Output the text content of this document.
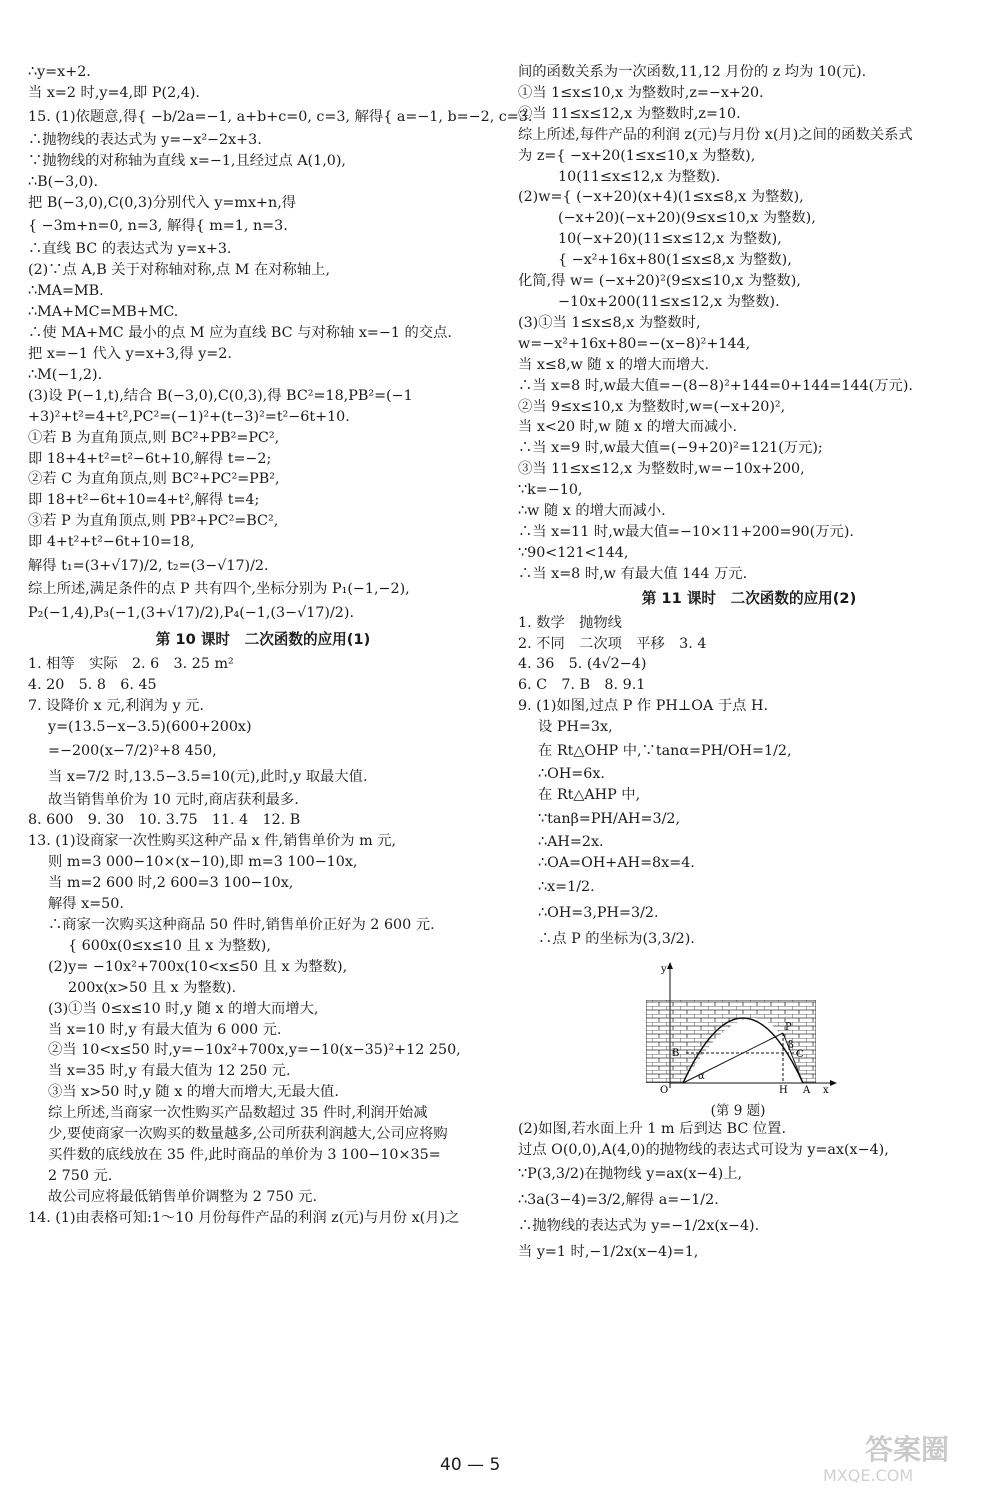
∴y=x+2.
当 x=2 时,y=4,即 P(2,4).
15. (1)依题意,得{ −b/2a=−1, a+b+c=0, c=3, 解得{ a=−1, b=−2, c=3.
∴抛物线的表达式为 y=−x²−2x+3.
∵抛物线的对称轴为直线 x=−1,且经过点 A(1,0),
∴B(−3,0).
把 B(−3,0),C(0,3)分别代入 y=mx+n,得
{ −3m+n=0, n=3, 解得{ m=1, n=3.
∴直线 BC 的表达式为 y=x+3.
(2)∵点 A,B 关于对称轴对称,点 M 在对称轴上,
∴MA=MB.
∴MA+MC=MB+MC.
∴使 MA+MC 最小的点 M 应为直线 BC 与对称轴 x=−1 的交点.
把 x=−1 代入 y=x+3,得 y=2.
∴M(−1,2).
(3)设 P(−1,t),结合 B(−3,0),C(0,3),得 BC²=18,PB²=(−1
+3)²+t²=4+t²,PC²=(−1)²+(t−3)²=t²−6t+10.
①若 B 为直角顶点,则 BC²+PB²=PC²,
即 18+4+t²=t²−6t+10,解得 t=−2;
②若 C 为直角顶点,则 BC²+PC²=PB²,
即 18+t²−6t+10=4+t²,解得 t=4;
③若 P 为直角顶点,则 PB²+PC²=BC²,
即 4+t²+t²−6t+10=18,
解得 t₁=(3+√17)/2, t₂=(3−√17)/2.
综上所述,满足条件的点 P 共有四个,坐标分别为 P₁(−1,−2),
P₂(−1,4),P₃(−1,(3+√17)/2),P₄(−1,(3−√17)/2).
第 10 课时　二次函数的应用(1)
1. 相等　实际　2. 6　3. 25 m²
4. 20　5. 8　6. 45
7. 设降价 x 元,利润为 y 元.
y=(13.5−x−3.5)(600+200x)
=−200(x−7/2)²+8 450,
当 x=7/2 时,13.5−3.5=10(元),此时,y 取最大值.
故当销售单价为 10 元时,商店获利最多.
8. 600　9. 30　10. 3.75　11. 4　12. B
13. (1)设商家一次性购买这种产品 x 件,销售单价为 m 元,
则 m=3 000−10×(x−10),即 m=3 100−10x,
当 m=2 600 时,2 600=3 100−10x,
解得 x=50.
∴商家一次购买这种商品 50 件时,销售单价正好为 2 600 元.
{ 600x(0≤x≤10 且 x 为整数),
(2)y= −10x²+700x(10<x≤50 且 x 为整数),
200x(x>50 且 x 为整数).
(3)①当 0≤x≤10 时,y 随 x 的增大而增大,
当 x=10 时,y 有最大值为 6 000 元.
②当 10<x≤50 时,y=−10x²+700x,y=−10(x−35)²+12 250,
当 x=35 时,y 有最大值为 12 250 元.
③当 x>50 时,y 随 x 的增大而增大,无最大值.
综上所述,当商家一次性购买产品数超过 35 件时,利润开始减
少,要使商家一次购买的数量越多,公司所获利润越大,公司应将购
买件数的底线放在 35 件,此时商品的单价为 3 100−10×35=
2 750 元.
故公司应将最低销售单价调整为 2 750 元.
14. (1)由表格可知:1～10 月份每件产品的利润 z(元)与月份 x(月)之
间的函数关系为一次函数,11,12 月份的 z 均为 10(元).
①当 1≤x≤10,x 为整数时,z=−x+20.
②当 11≤x≤12,x 为整数时,z=10.
综上所述,每件产品的利润 z(元)与月份 x(月)之间的函数关系式
为 z={ −x+20(1≤x≤10,x 为整数),
10(11≤x≤12,x 为整数).
(2)w={ (−x+20)(x+4)(1≤x≤8,x 为整数),
(−x+20)(−x+20)(9≤x≤10,x 为整数),
10(−x+20)(11≤x≤12,x 为整数),
{ −x²+16x+80(1≤x≤8,x 为整数),
化简,得 w= (−x+20)²(9≤x≤10,x 为整数),
−10x+200(11≤x≤12,x 为整数).
(3)①当 1≤x≤8,x 为整数时,
w=−x²+16x+80=−(x−8)²+144,
当 x≤8,w 随 x 的增大而增大.
∴当 x=8 时,w最大值=−(8−8)²+144=0+144=144(万元).
②当 9≤x≤10,x 为整数时,w=(−x+20)²,
当 x<20 时,w 随 x 的增大而减小.
∴当 x=9 时,w最大值=(−9+20)²=121(万元);
③当 11≤x≤12,x 为整数时,w=−10x+200,
∵k=−10,
∴w 随 x 的增大而减小.
∴当 x=11 时,w最大值=−10×11+200=90(万元).
∵90<121<144,
∴当 x=8 时,w 有最大值 144 万元.
第 11 课时　二次函数的应用(2)
1. 数学　抛物线
2. 不同　二次项　平移　3. 4
4. 36　5. (4√2−4)
6. C　7. B　8. 9.1
9. (1)如图,过点 P 作 PH⊥OA 于点 H.
设 PH=3x,
在 Rt△OHP 中,∵tanα=PH/OH=1/2,
∴OH=6x.
在 Rt△AHP 中,
∵tanβ=PH/AH=3/2,
∴AH=2x.
∴OA=OH+AH=8x=4.
∴x=1/2.
∴OH=3,PH=3/2.
∴点 P 的坐标为(3,3/2).
y
x
O	A
H
B	C
P
α
β
(第 9 题)
(2)如图,若水面上升 1 m 后到达 BC 位置.
过点 O(0,0),A(4,0)的抛物线的表达式可设为 y=ax(x−4),
∵P(3,3/2)在抛物线 y=ax(x−4)上,
∴3a(3−4)=3/2,解得 a=−1/2.
∴抛物线的表达式为 y=−1/2x(x−4).
当 y=1 时,−1/2x(x−4)=1,
40 — 5	答案圈
MXQE.COM
